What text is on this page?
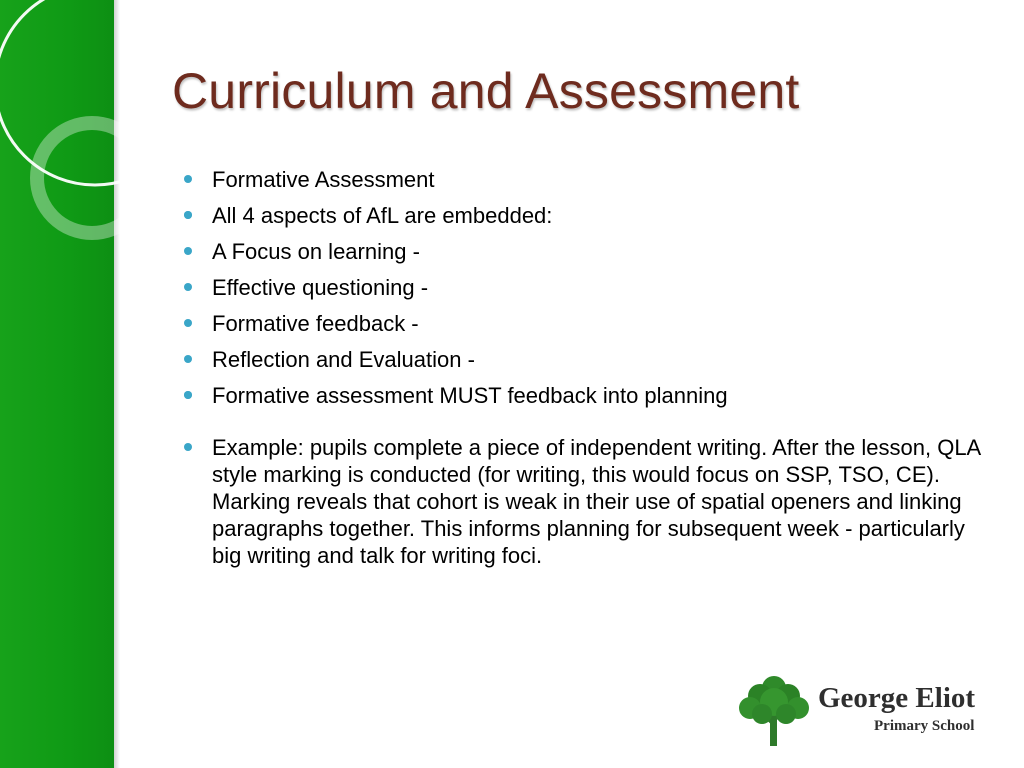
Curriculum and Assessment
Formative Assessment
All 4 aspects of AfL are embedded:
A Focus on learning -
Effective questioning -
Formative feedback -
Reflection and Evaluation -
Formative assessment MUST feedback into planning
Example: pupils complete a piece of independent writing. After the lesson, QLA style marking is conducted (for writing, this would focus on SSP, TSO, CE). Marking reveals that cohort is weak in their use of spatial openers and linking paragraphs together. This informs planning for subsequent week - particularly big writing and talk for writing foci.
George Eliot
Primary School
